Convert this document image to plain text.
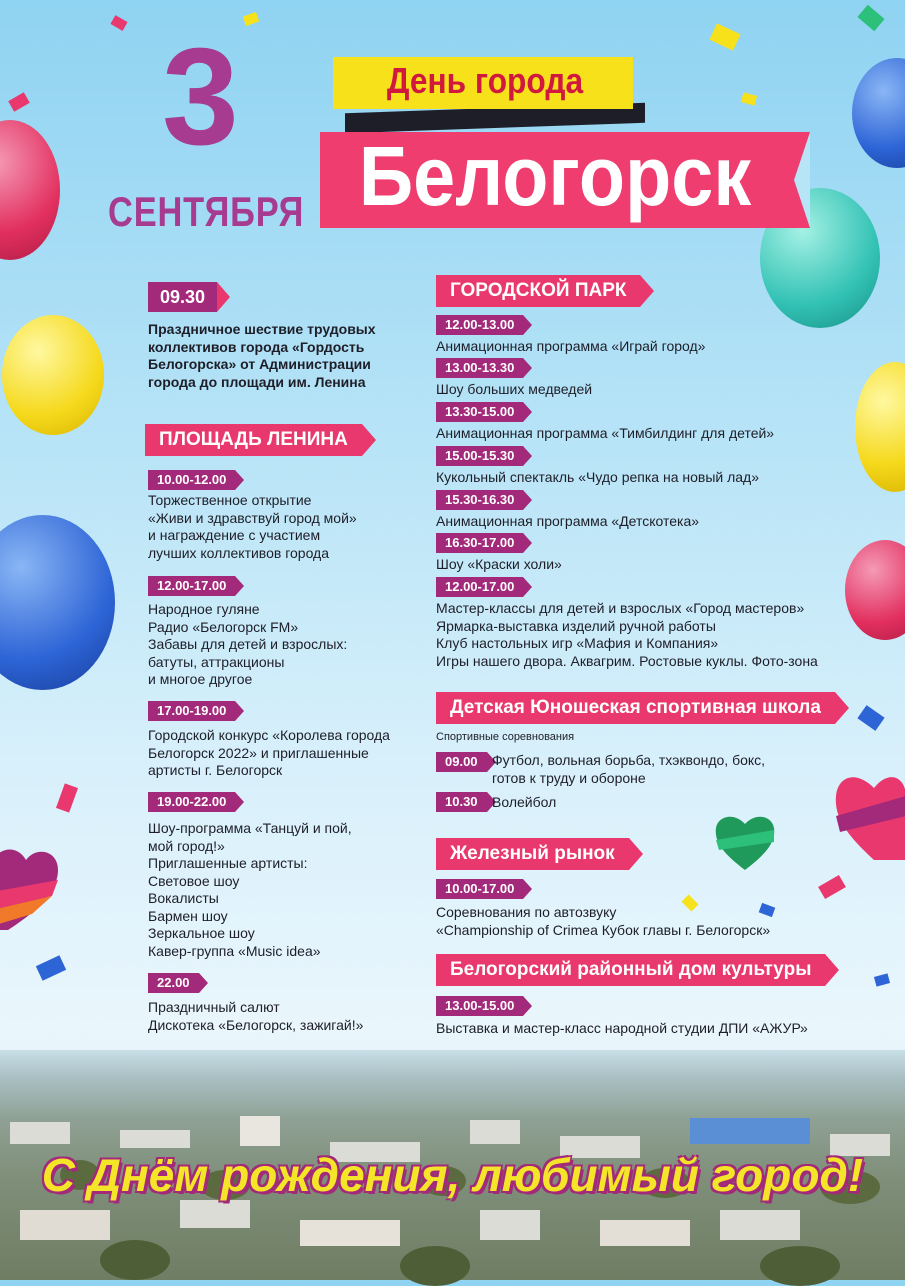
3
СЕНТЯБРЯ
День города
Белогорск
09.30
Праздничное шествие трудовых
коллективов города «Гордость
Белогорска» от Администрации
города до площади им. Ленина
ПЛОЩАДЬ ЛЕНИНА
10.00-12.00
Торжественное открытие
«Живи и здравствуй город мой»
и награждение с участием
лучших коллективов города
12.00-17.00
Народное гуляне
Радио «Белогорск FM»
Забавы для детей и взрослых:
батуты, аттракционы
и многое другое
17.00-19.00
Городской конкурс «Королева города
Белогорск 2022» и приглашенные
артисты г. Белогорск
19.00-22.00
Шоу-программа «Танцуй и пой,
мой город!»
Приглашенные артисты:
Световое шоу
Вокалисты
Бармен шоу
Зеркальное шоу
Кавер-группа «Music idea»
22.00
Праздничный салют
Дискотека «Белогорск, зажигай!»
ГОРОДСКОЙ ПАРК
12.00-13.00
Анимационная программа «Играй город»
13.00-13.30
Шоу больших медведей
13.30-15.00
Анимационная программа «Тимбилдинг для детей»
15.00-15.30
Кукольный спектакль «Чудо репка на новый лад»
15.30-16.30
Анимационная программа «Детскотека»
16.30-17.00
Шоу «Краски холи»
12.00-17.00
Мастер-классы для детей и взрослых «Город мастеров»
Ярмарка-выставка изделий ручной работы
Клуб настольных игр «Мафия и Компания»
Игры нашего двора. Аквагрим. Ростовые куклы. Фото-зона
Детская Юношеская спортивная школа
Спортивные соревнования
09.00	Футбол, вольная борьба, тхэквондо, бокс,
готов к труду и обороне
10.30	Волейбол
Железный рынок
10.00-17.00
Соревнования по автозвуку
«Championship of Crimea Кубок главы г. Белогорск»
Белогорский районный дом культуры
13.00-15.00
Выставка и мастер-класс народной студии ДПИ «АЖУР»
С Днём рождения, любимый город!
